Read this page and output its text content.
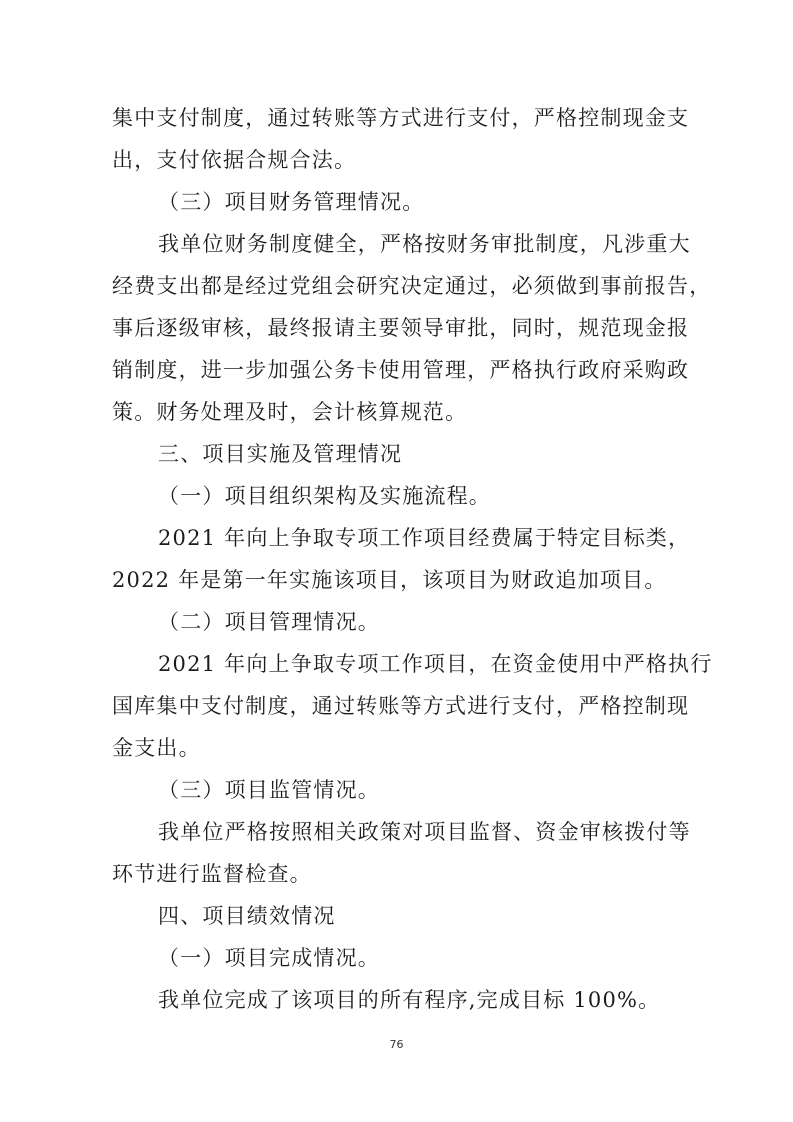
集中支付制度，通过转账等方式进行支付，严格控制现金支
出，支付依据合规合法。
（三）项目财务管理情况。
我单位财务制度健全，严格按财务审批制度，凡涉重大
经费支出都是经过党组会研究决定通过，必须做到事前报告，
事后逐级审核，最终报请主要领导审批，同时，规范现金报
销制度，进一步加强公务卡使用管理，严格执行政府采购政
策。财务处理及时，会计核算规范。
三、项目实施及管理情况
（一）项目组织架构及实施流程。
2021 年向上争取专项工作项目经费属于特定目标类，
2022 年是第一年实施该项目，该项目为财政追加项目。
（二）项目管理情况。
2021 年向上争取专项工作项目，在资金使用中严格执行
国库集中支付制度，通过转账等方式进行支付，严格控制现
金支出。
（三）项目监管情况。
我单位严格按照相关政策对项目监督、资金审核拨付等
环节进行监督检查。
四、项目绩效情况
（一）项目完成情况。
我单位完成了该项目的所有程序,完成目标 100%。
76
